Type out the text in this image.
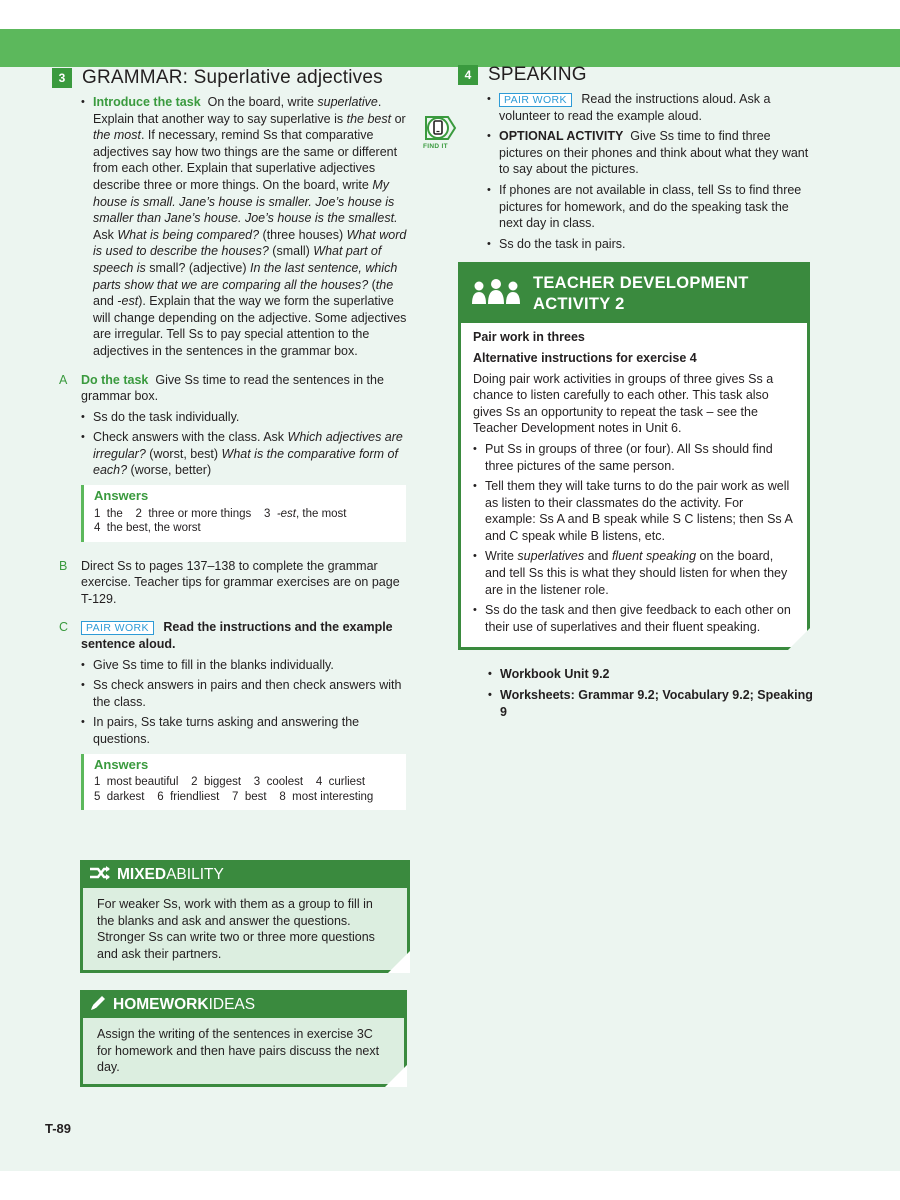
3 GRAMMAR: Superlative adjectives
• Introduce the task On the board, write superlative. Explain that another way to say superlative is the best or the most. If necessary, remind Ss that comparative adjectives say how two things are the same or different from each other. Explain that superlative adjectives describe three or more things. On the board, write My house is small. Jane’s house is smaller. Joe’s house is smaller than Jane’s house. Joe’s house is the smallest. Ask What is being compared? (three houses) What word is used to describe the houses? (small) What part of speech is small? (adjective) In the last sentence, which parts show that we are comparing all the houses? (the and -est). Explain that the way we form the superlative will change depending on the adjective. Some adjectives are irregular. Tell Ss to pay special attention to the adjectives in the sentences in the grammar box.
A Do the task Give Ss time to read the sentences in the grammar box.
• Ss do the task individually.
• Check answers with the class. Ask Which adjectives are irregular? (worst, best) What is the comparative form of each? (worse, better)
Answers
1  the    2  three or more things    3  -est, the most
4  the best, the worst
B Direct Ss to pages 137–138 to complete the grammar exercise. Teacher tips for grammar exercises are on page T-129.
C	PAIR WORK Read the instructions and the example sentence aloud.
• Give Ss time to fill in the blanks individually.
• Ss check answers in pairs and then check answers with the class.
• In pairs, Ss take turns asking and answering the questions.
Answers
1  most beautiful    2  biggest    3  coolest    4  curliest
5  darkest    6  friendliest    7  best    8  most interesting
MIXED ABILITY
For weaker Ss, work with them as a group to fill in the blanks and ask and answer the questions. Stronger Ss can write two or three more questions and ask their partners.
HOMEWORK IDEAS
Assign the writing of the sentences in exercise 3C for homework and then have pairs discuss the next day.
FIND IT
4 SPEAKING
• PAIR WORK Read the instructions aloud. Ask a volunteer to read the example aloud.
• OPTIONAL ACTIVITY Give Ss time to find three pictures on their phones and think about what they want to say about the pictures.
• If phones are not available in class, tell Ss to find three pictures for homework, and do the speaking task the next day in class.
• Ss do the task in pairs.
TEACHER DEVELOPMENT
ACTIVITY 2

Pair work in threes

Alternative instructions for exercise 4

Doing pair work activities in groups of three gives Ss a chance to listen carefully to each other. This task also gives Ss an opportunity to repeat the task – see the Teacher Development notes in Unit 6.

• Put Ss in groups of three (or four). All Ss should find three pictures of the same person.
• Tell them they will take turns to do the pair work as well as listen to their classmates do the activity. For example: Ss A and B speak while S C listens; then Ss A and C speak while B listens, etc.
• Write superlatives and fluent speaking on the board, and tell Ss this is what they should listen for when they are in the listener role.
• Ss do the task and then give feedback to each other on their use of superlatives and their fluent speaking.
• Workbook Unit 9.2
• Worksheets: Grammar 9.2; Vocabulary 9.2; Speaking 9
T-89
